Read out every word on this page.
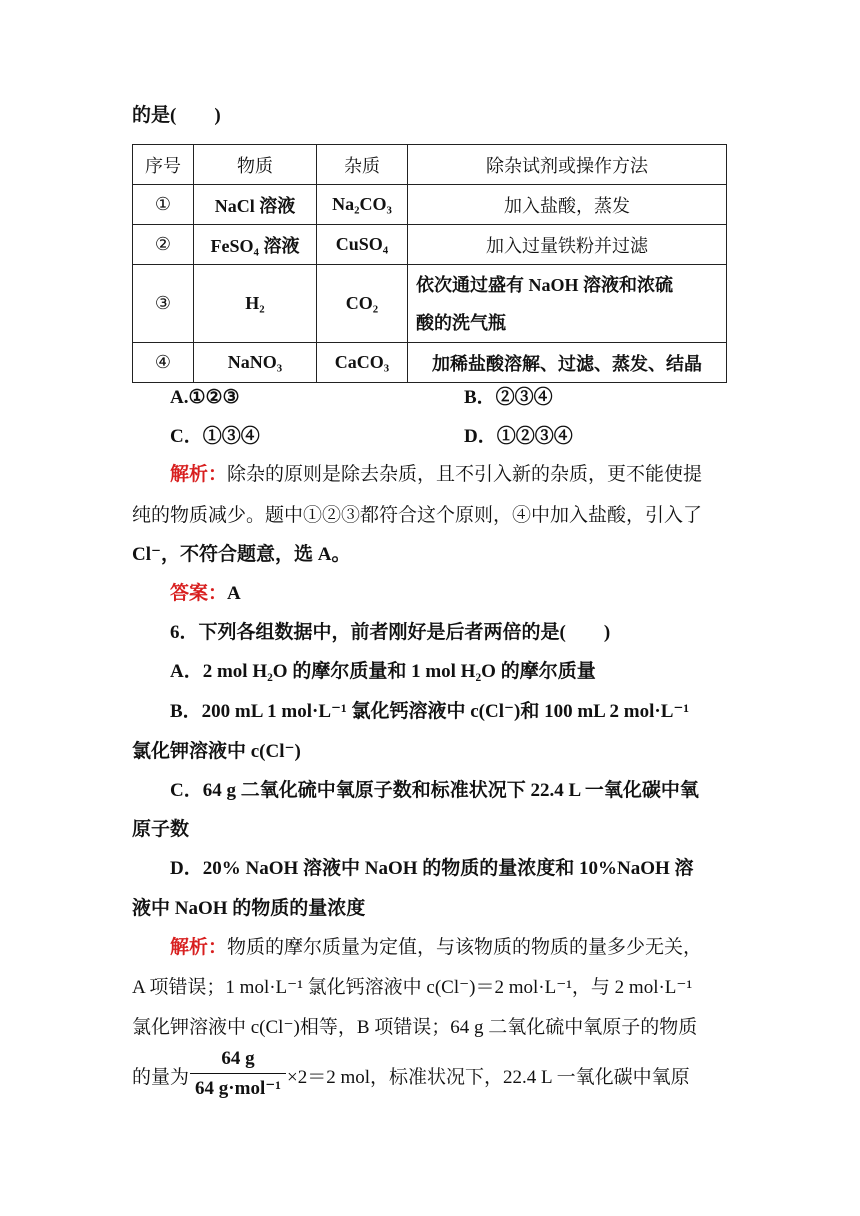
的是(　　)
序号	物质	杂质	除杂试剂或操作方法
①	NaCl 溶液	Na₂CO₃	加入盐酸，蒸发
②	FeSO₄ 溶液	CuSO₄	加入过量铁粉并过滤
③	H₂	CO₂	依次通过盛有 NaOH 溶液和浓硫
酸的洗气瓶

④	NaNO₃	CaCO₃	加稀盐酸溶解、过滤、蒸发、结晶
A.①②③	B．②③④
C．①③④	D．①②③④
解析：除杂的原则是除去杂质，且不引入新的杂质，更不能使提
纯的物质减少。题中①②③都符合这个原则，④中加入盐酸，引入了
Cl⁻，不符合题意，选 A。
答案：A
6．下列各组数据中，前者刚好是后者两倍的是(　　)
A．2 mol H₂O 的摩尔质量和 1 mol H₂O 的摩尔质量
B．200 mL 1 mol·L⁻¹ 氯化钙溶液中 c(Cl⁻)和 100 mL 2 mol·L⁻¹
氯化钾溶液中 c(Cl⁻)
C．64 g 二氧化硫中氧原子数和标准状况下 22.4 L 一氧化碳中氧
原子数
D．20% NaOH 溶液中 NaOH 的物质的量浓度和 10%NaOH 溶
液中 NaOH 的物质的量浓度
解析：物质的摩尔质量为定值，与该物质的物质的量多少无关，
A 项错误；1 mol·L⁻¹ 氯化钙溶液中 c(Cl⁻)＝2 mol·L⁻¹，与 2 mol·L⁻¹
氯化钾溶液中 c(Cl⁻)相等，B 项错误；64 g 二氧化硫中氧原子的物质
的量为
64 g
64 g·mol⁻¹
×2＝2 mol，标准状况下，22.4 L 一氧化碳中氧原
